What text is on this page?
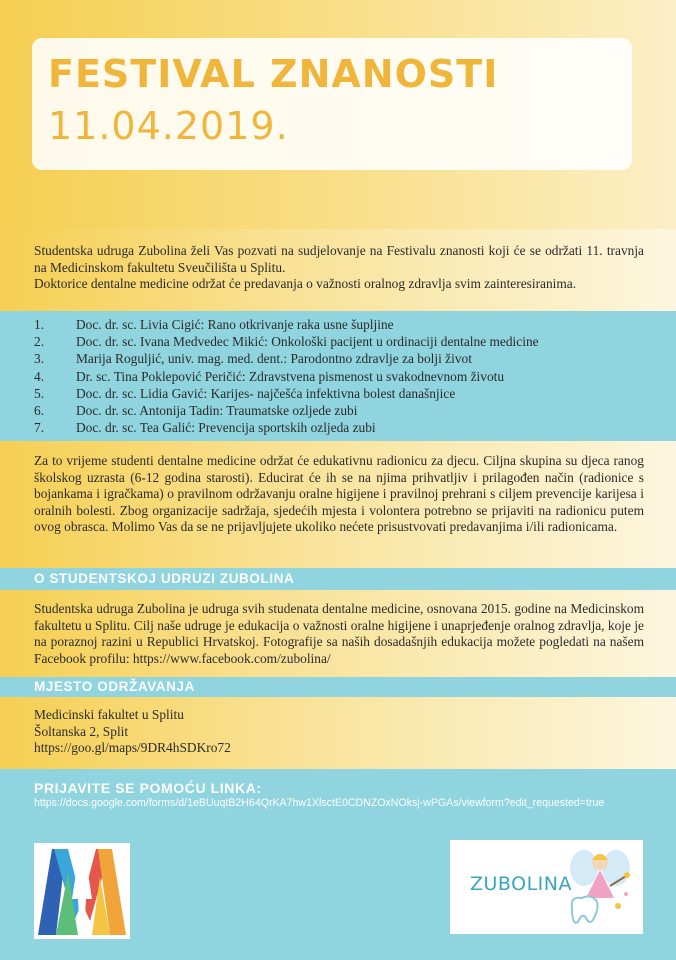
FESTIVAL ZNANOSTI
11.04.2019.

Studentska udruga Zubolina želi Vas pozvati na sudjelovanje na Festivalu znanosti koji će se održati 11. travnja na Medicinskom fakultetu Sveučilišta u Splitu.
Doktorice dentalne medicine održat će predavanja o važnosti oralnog zdravlja svim zainteresiranima.

1. Doc. dr. sc. Livia Cigić: Rano otkrivanje raka usne šupljine
2. Doc. dr. sc. Ivana Medvedec Mikić: Onkološki pacijent u ordinaciji dentalne medicine
3. Marija Roguljić, univ. mag. med. dent.: Parodontno zdravlje za bolji život
4. Dr. sc. Tina Poklepović Peričić: Zdravstvena pismenost u svakodnevnom životu
5. Doc. dr. sc. Lidia Gavić: Karijes- najčešća infektivna bolest današnjice
6. Doc. dr. sc. Antonija Tadin: Traumatske ozljede zubi
7. Doc. dr. sc. Tea Galić: Prevencija sportskih ozljeda zubi

Za to vrijeme studenti dentalne medicine održat će edukativnu radionicu za djecu. Ciljna skupina su djeca ranog školskog uzrasta (6-12 godina starosti). Educirat će ih se na njima prihvatljiv i prilagođen način (radionice s bojankama i igračkama) o pravilnom održavanju oralne higijene i pravilnoj prehrani s ciljem prevencije karijesa i oralnih bolesti. Zbog organizacije sadržaja, sjedećih mjesta i volontera potrebno se prijaviti na radionicu putem ovog obrasca. Molimo Vas da se ne prijavljujete ukoliko nećete prisustvovati predavanjima i/ili radionicama.

O STUDENTSKOJ UDRUZI ZUBOLINA

Studentska udruga Zubolina je udruga svih studenata dentalne medicine, osnovana 2015. godine na Medicinskom fakultetu u Splitu. Cilj naše udruge je edukacija o važnosti oralne higijene i unaprjeđenje oralnog zdravlja, koje je na poraznoj razini u Republici Hrvatskoj. Fotografije sa naših dosadašnjih edukacija možete pogledati na našem Facebook profilu: https://www.facebook.com/zubolina/

MJESTO ODRŽAVANJA

Medicinski fakultet u Splitu
Šoltanska 2, Split
https://goo.gl/maps/9DR4hSDKro72

PRIJAVITE SE POMOĆU LINKA:
https://docs.google.com/forms/d/1eBUuqtB2H64QrKA7hw1XlsctE0CDNZOxNOksj-wPGAs/viewform?edit_requested=true
ZUBOLINA
